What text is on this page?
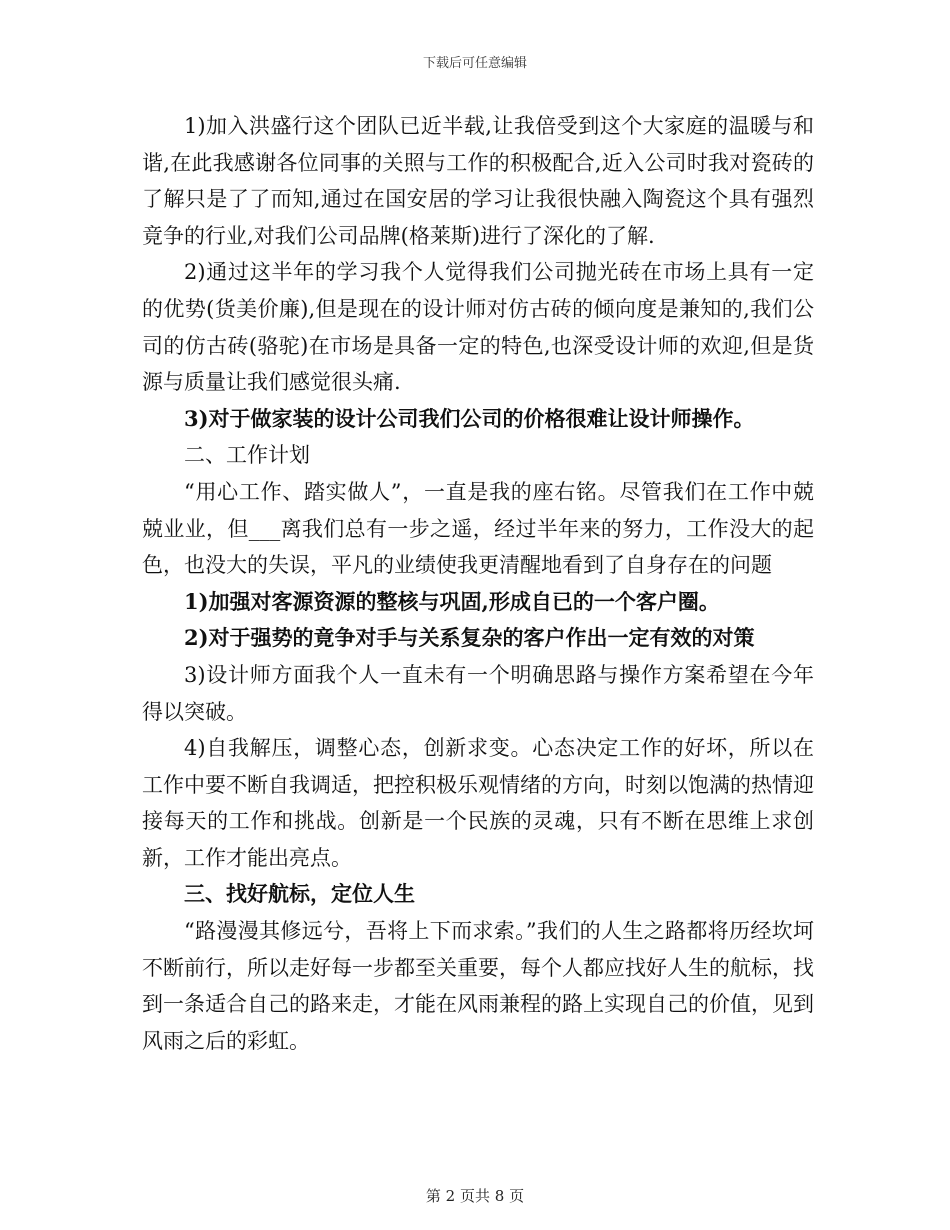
下载后可任意编辑

1)加入洪盛行这个团队已近半载,让我倍受到这个大家庭的温暖与和谐,在此我感谢各位同事的关照与工作的积极配合,近入公司时我对瓷砖的了解只是了了而知,通过在国安居的学习让我很快融入陶瓷这个具有强烈竟争的行业,对我们公司品牌(格莱斯)进行了深化的了解.

2)通过这半年的学习我个人觉得我们公司抛光砖在市场上具有一定的优势(货美价廉),但是现在的设计师对仿古砖的倾向度是兼知的,我们公司的仿古砖(骆驼)在市场是具备一定的特色,也深受设计师的欢迎,但是货源与质量让我们感觉很头痛.

3)对于做家装的设计公司我们公司的价格很难让设计师操作。

二、工作计划

“用心工作、踏实做人”，一直是我的座右铭。尽管我们在工作中兢兢业业，但___离我们总有一步之遥，经过半年来的努力，工作没大的起色，也没大的失误，平凡的业绩使我更清醒地看到了自身存在的问题

1)加强对客源资源的整核与巩固,形成自已的一个客户圈。

2)对于强势的竟争对手与关系复杂的客户作出一定有效的对策

3)设计师方面我个人一直未有一个明确思路与操作方案希望在今年得以突破。

4)自我解压，调整心态，创新求变。心态决定工作的好坏，所以在工作中要不断自我调适，把控积极乐观情绪的方向，时刻以饱满的热情迎接每天的工作和挑战。创新是一个民族的灵魂，只有不断在思维上求创新，工作才能出亮点。

三、找好航标，定位人生

“路漫漫其修远兮，吾将上下而求索。”我们的人生之路都将历经坎坷不断前行，所以走好每一步都至关重要，每个人都应找好人生的航标，找到一条适合自己的路来走，才能在风雨兼程的路上实现自己的价值，见到风雨之后的彩虹。

第 2 页共 8 页
